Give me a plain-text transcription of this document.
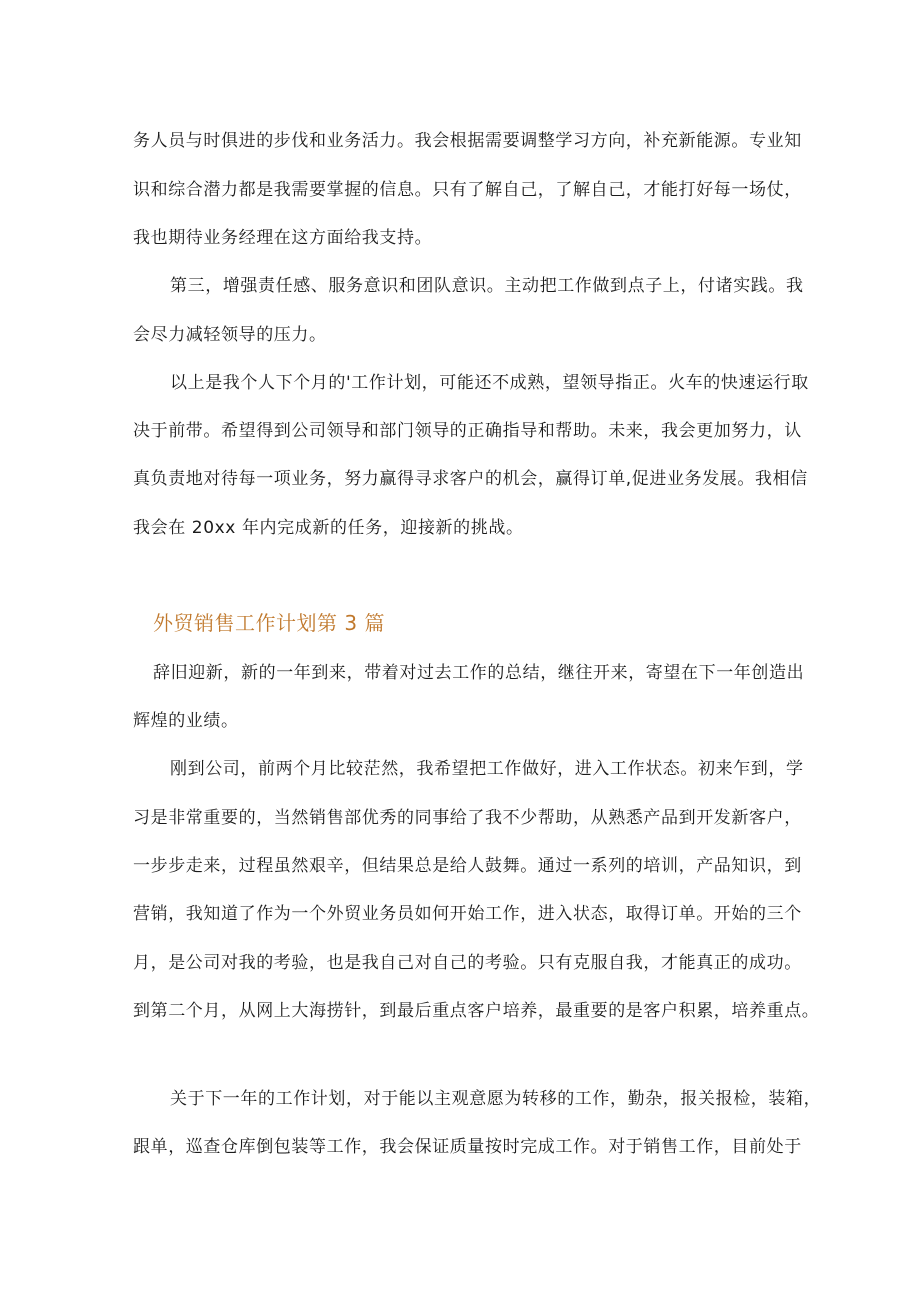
务人员与时俱进的步伐和业务活力。我会根据需要调整学习方向，补充新能源。专业知
识和综合潜力都是我需要掌握的信息。只有了解自己，了解自己，才能打好每一场仗，
我也期待业务经理在这方面给我支持。
第三，增强责任感、服务意识和团队意识。主动把工作做到点子上，付诸实践。我
会尽力减轻领导的压力。
以上是我个人下个月的'工作计划，可能还不成熟，望领导指正。火车的快速运行取
决于前带。希望得到公司领导和部门领导的正确指导和帮助。未来，我会更加努力，认
真负责地对待每一项业务，努力赢得寻求客户的机会，赢得订单,促进业务发展。我相信
我会在 20xx 年内完成新的任务，迎接新的挑战。
外贸销售工作计划第 3 篇
辞旧迎新，新的一年到来，带着对过去工作的总结，继往开来，寄望在下一年创造出
辉煌的业绩。
刚到公司，前两个月比较茫然，我希望把工作做好，进入工作状态。初来乍到，学
习是非常重要的，当然销售部优秀的同事给了我不少帮助，从熟悉产品到开发新客户，
一步步走来，过程虽然艰辛，但结果总是给人鼓舞。通过一系列的培训，产品知识，到
营销，我知道了作为一个外贸业务员如何开始工作，进入状态，取得订单。开始的三个
月，是公司对我的考验，也是我自己对自己的考验。只有克服自我，才能真正的成功。
到第二个月，从网上大海捞针，到最后重点客户培养，最重要的是客户积累，培养重点。
关于下一年的工作计划，对于能以主观意愿为转移的工作，勤杂，报关报检，装箱，
跟单，巡查仓库倒包装等工作，我会保证质量按时完成工作。对于销售工作，目前处于
